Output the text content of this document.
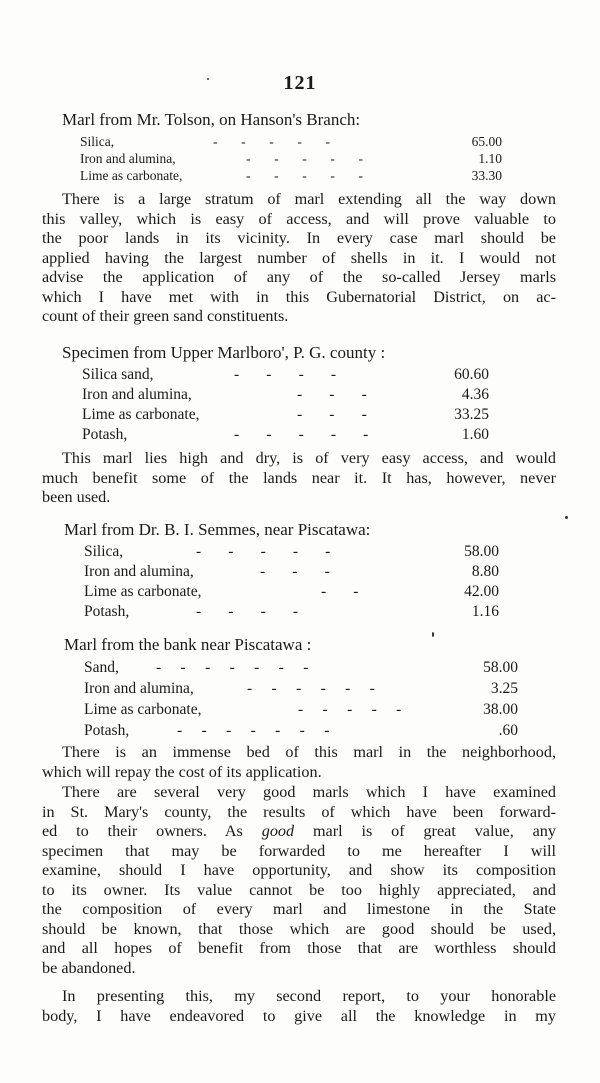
121
Marl from Mr. Tolson, on Hanson's Branch:
Silica,	-       -       -       -       -	65.00
Iron and alumina,	-       -       -       -       -	1.10
Lime as carbonate,	-       -       -       -       -	33.30
There is a large stratum of marl extending all the way down
this valley, which is easy of access, and will prove valuable to
the poor lands in its vicinity. In every case marl should be
applied having the largest number of shells in it. I would not
advise the application of any of the so-called Jersey marls
which I have met with in this Gubernatorial District, on ac-
count of their green sand constituents.
Specimen from Upper Marlboro', P. G. county :
Silica sand,	-       -       -       -	60.60
Iron and alumina,	-       -       -	4.36
Lime as carbonate,	-       -       -	33.25
Potash,	-       -       -       -       -	1.60
This marl lies high and dry, is of very easy access, and would
much benefit some of the lands near it. It has, however, never
been used.
Marl from Dr. B. I. Semmes, near Piscatawa:
Silica,	-       -       -       -       -	58.00
Iron and alumina,	-       -       -	8.80
Lime as carbonate,	-       -	42.00
Potash,	-       -       -       -	1.16
Marl from the bank near Piscatawa :
Sand, -     -     -     -     -     -     -	58.00
Iron and alumina,	-     -     -     -     -     -	3.25
Lime as carbonate,	-     -     -     -     -	38.00
Potash,	-     -     -     -     -     -     -	.60
There is an immense bed of this marl in the neighborhood,
which will repay the cost of its application.
There are several very good marls which I have examined
in St. Mary's county, the results of which have been forward-
ed to their owners. As good marl is of great value, any
specimen that may be forwarded to me hereafter I will
examine, should I have opportunity, and show its composition
to its owner. Its value cannot be too highly appreciated, and
the composition of every marl and limestone in the State
should be known, that those which are good should be used,
and all hopes of benefit from those that are worthless should
be abandoned.
In presenting this, my second report, to your honorable
body, I have endeavored to give all the knowledge in my
